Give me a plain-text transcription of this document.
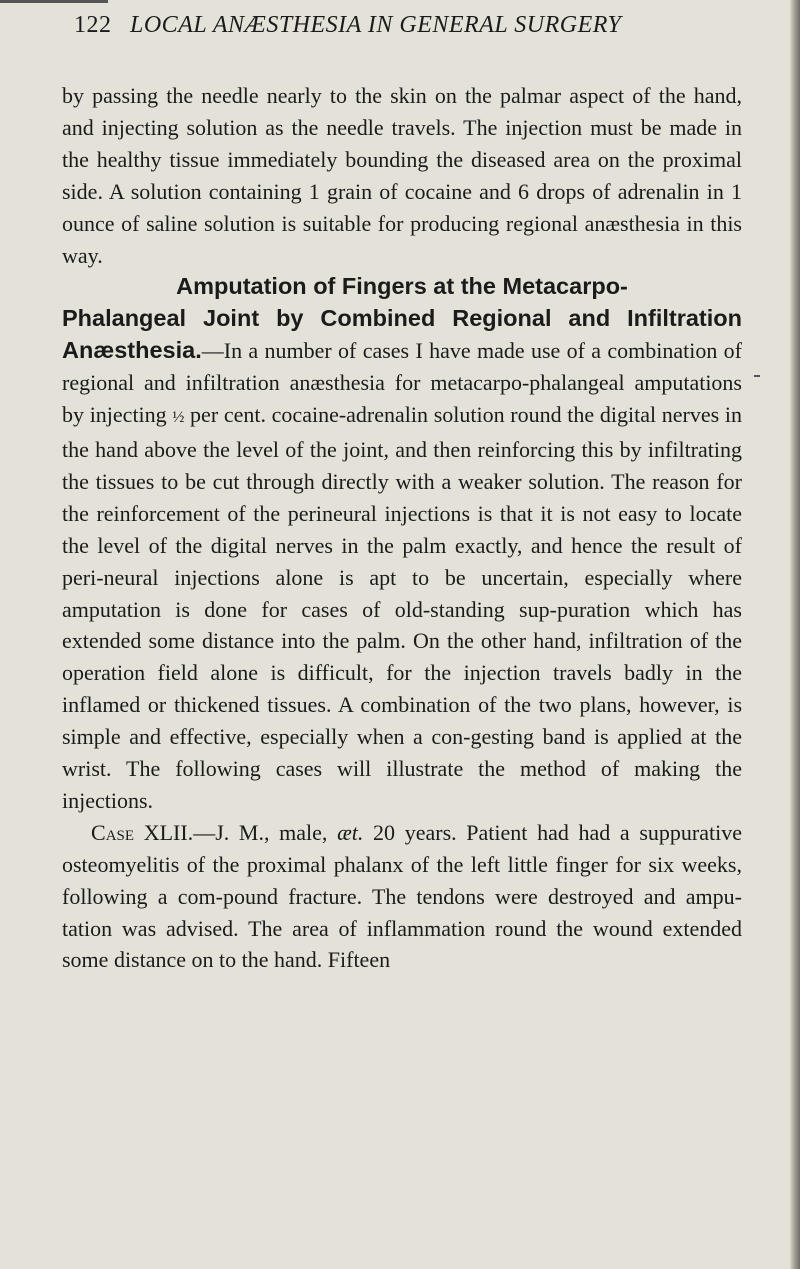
122 LOCAL ANÆSTHESIA IN GENERAL SURGERY

by passing the needle nearly to the skin on the palmar aspect of the hand, and injecting solution as the needle travels. The injection must be made in the healthy tissue immediately bounding the diseased area on the proximal side. A solution containing 1 grain of cocaine and 6 drops of adrenalin in 1 ounce of saline solution is suitable for producing regional anæsthesia in this way.

Amputation of Fingers at the Metacarpo-
Phalangeal Joint by Combined Regional and Infiltration Anæsthesia.—In a number of cases I have made use of a combination of regional and infiltration anæsthesia for metacarpo-phalangeal amputations by injecting ½ per cent. cocaine-adrenalin solution round the digital nerves in the hand above the level of the joint, and then reinforcing this by infiltrating the tissues to be cut through directly with a weaker solution. The reason for the reinforcement of the perineural injections is that it is not easy to locate the level of the digital nerves in the palm exactly, and hence the result of peri-neural injections alone is apt to be uncertain, especially where amputation is done for cases of old-standing sup-puration which has extended some distance into the palm. On the other hand, infiltration of the operation field alone is difficult, for the injection travels badly in the inflamed or thickened tissues. A combination of the two plans, however, is simple and effective, especially when a con-gesting band is applied at the wrist. The following cases will illustrate the method of making the injections.

Case XLII.—J. M., male, æt. 20 years. Patient had had a suppurative osteomyelitis of the proximal phalanx of the left little finger for six weeks, following a com-pound fracture. The tendons were destroyed and ampu-tation was advised. The area of inflammation round the wound extended some distance on to the hand. Fifteen
